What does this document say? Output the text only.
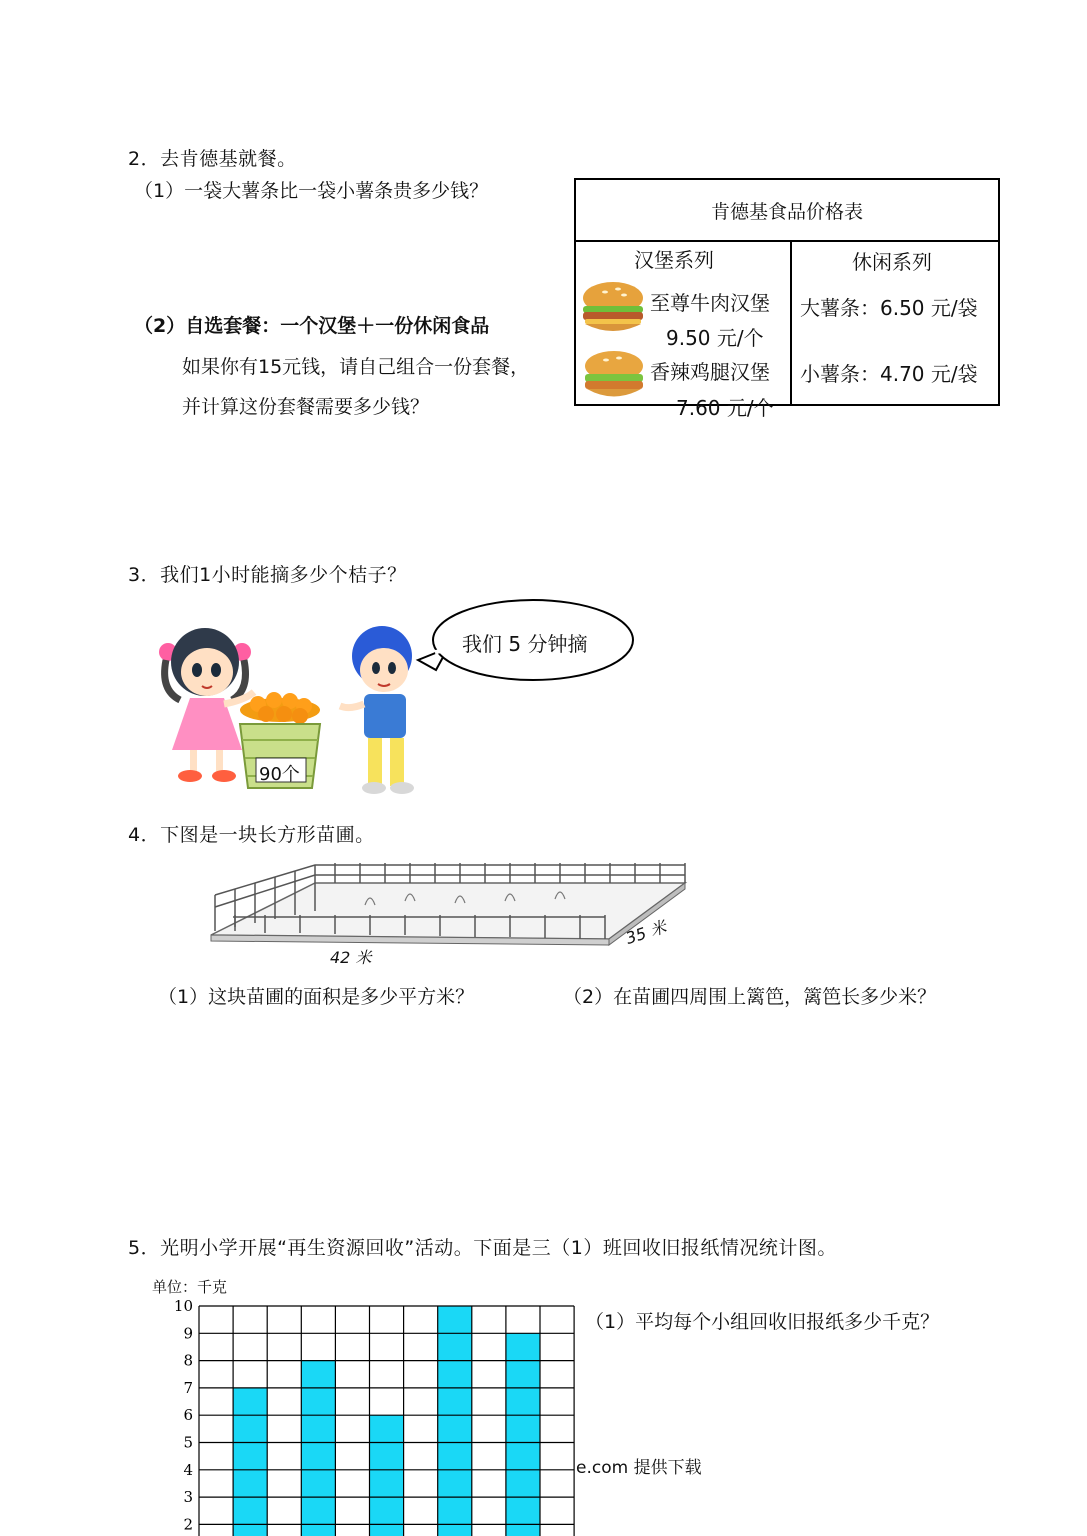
2．去肯德基就餐。
（1）一袋大薯条比一袋小薯条贵多少钱？
（2）自选套餐：一个汉堡＋一份休闲食品
如果你有15元钱，请自己组合一份套餐，
并计算这份套餐需要多少钱？
肯德基食品价格表
汉堡系列	休闲系列
至尊牛肉汉堡
9.50 元/个
香辣鸡腿汉堡
7.60 元/个
大薯条：6.50 元/袋
小薯条：4.70 元/袋
3．我们1小时能摘多少个桔子？
我们 5 分钟摘
90个
4．下图是一块长方形苗圃。
42 米
35 米
（1）这块苗圃的面积是多少平方米？	（2）在苗圃四周围上篱笆，篱笆长多少米？
5．光明小学开展“再生资源回收”活动。下面是三（1）班回收旧报纸情况统计图。
单位：千克
10
9
8
7
6
5
4
3
2
（1）平均每个小组回收旧报纸多少千克？
e.com 提供下载
